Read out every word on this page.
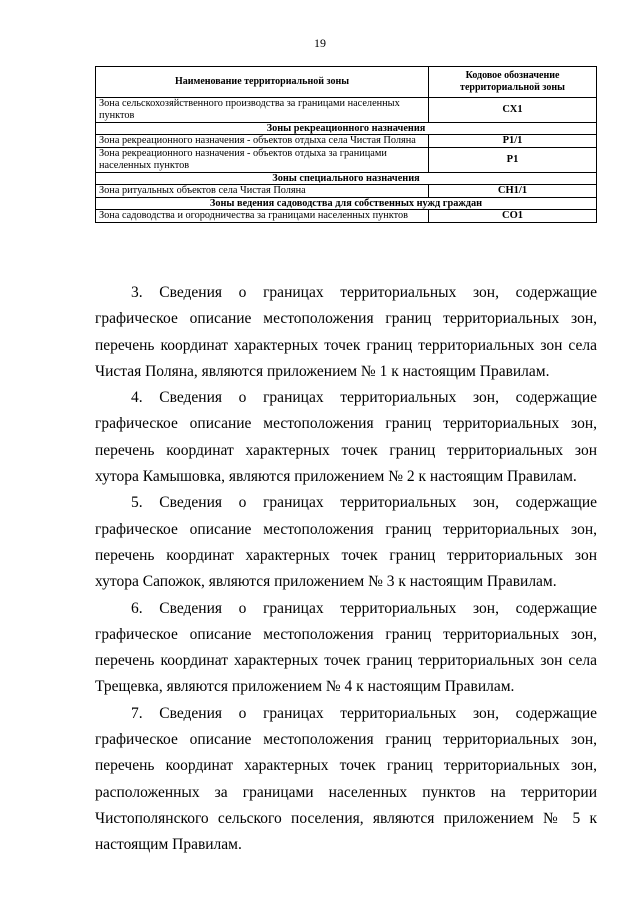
19
Наименование территориальной зоны	Кодовое обозначение территориальной зоны
Зона сельскохозяйственного производства за границами населенных пунктов	СХ1
Зоны рекреационного назначения	
Зона рекреационного назначения - объектов отдыха села Чистая Поляна	Р1/1
Зона рекреационного назначения - объектов отдыха за границами населенных пунктов	Р1
Зоны специального назначения	
Зона ритуальных объектов села Чистая Поляна	СН1/1
Зоны ведения садоводства для собственных нужд граждан	
Зона садоводства и огородничества за границами населенных пунктов	СО1

3. Сведения о границах территориальных зон, содержащие графическое описание местоположения границ территориальных зон, перечень координат характерных точек границ территориальных зон села Чистая Поляна, являются приложением № 1 к настоящим Правилам.

4. Сведения о границах территориальных зон, содержащие графическое описание местоположения границ территориальных зон, перечень координат характерных точек границ территориальных зон хутора Камышовка, являются приложением № 2 к настоящим Правилам.

5. Сведения о границах территориальных зон, содержащие графическое описание местоположения границ территориальных зон, перечень координат характерных точек границ территориальных зон хутора Сапожок, являются приложением № 3 к настоящим Правилам.

6. Сведения о границах территориальных зон, содержащие графическое описание местоположения границ территориальных зон, перечень координат характерных точек границ территориальных зон села Трещевка, являются приложением № 4 к настоящим Правилам.

7. Сведения о границах территориальных зон, содержащие графическое описание местоположения границ территориальных зон, перечень координат характерных точек границ территориальных зон, расположенных за границами населенных пунктов на территории Чистополянского сельского поселения, являются приложением № 5 к настоящим Правилам.
